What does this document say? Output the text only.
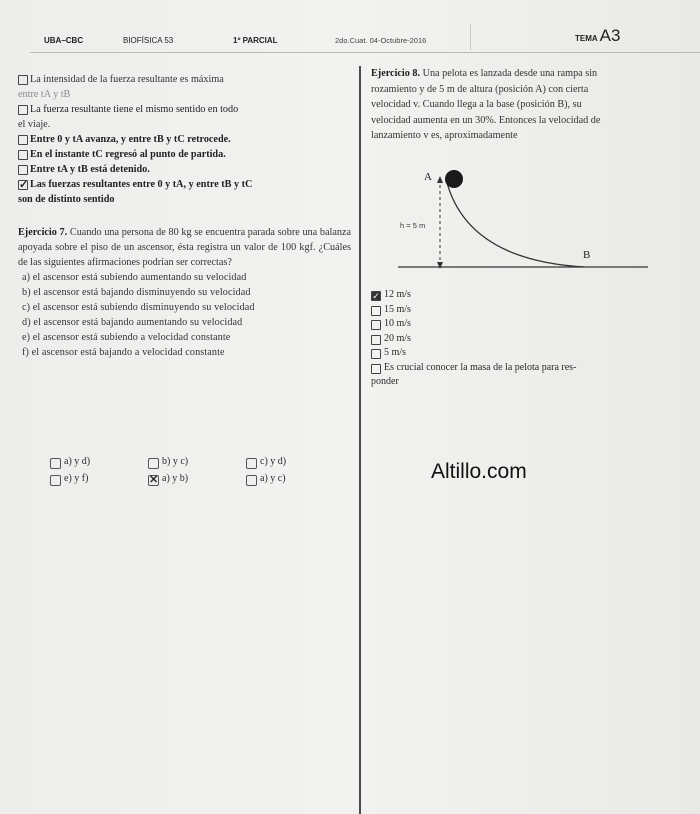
UBA–CBC	BIOFÍSICA 53	1º PARCIAL	2do.Cuat. 04-Octubre-2016	TEMA A3
La intensidad de la fuerza resultante es máxima
entre tA y tB
La fuerza resultante tiene el mismo sentido en todo
el viaje.
Entre 0 y tA avanza, y entre tB y tC retrocede.
En el instante tC regresó al punto de partida.
Entre tA y tB está detenido.
✓ Las fuerzas resultantes entre 0 y tA, y entre tB y tC
son de distinto sentido
Ejercicio 7. Cuando una persona de 80 kg se encuentra parada sobre una balanza apoyada sobre el piso de un ascensor, ésta registra un valor de 100 kgf. ¿Cuáles de las siguientes afirmaciones podrían ser correctas?
a) el ascensor está subiendo aumentando su velocidad
b) el ascensor está bajando disminuyendo su velocidad
c) el ascensor está subiendo disminuyendo su velocidad
d) el ascensor está bajando aumentando su velocidad
e) el ascensor está subiendo a velocidad constante
f) el ascensor está bajando a velocidad constante
a) y d)	b) y c)	c) y d)
e) y f)	✕ a) y b)	a) y c)
Ejercicio 8. Una pelota es lanzada desde una rampa sin
rozamiento y de 5 m de altura (posición A) con cierta
velocidad v. Cuando llega a la base (posición B), su
velocidad aumenta en un 30%. Entonces la velocidad de
lanzamiento v es, aproximadamente
A
B
h = 5 m
✓ 12 m/s
15 m/s
10 m/s
20 m/s
5 m/s
Es crucial conocer la masa de la pelota para res-
ponder
Altillo.com
